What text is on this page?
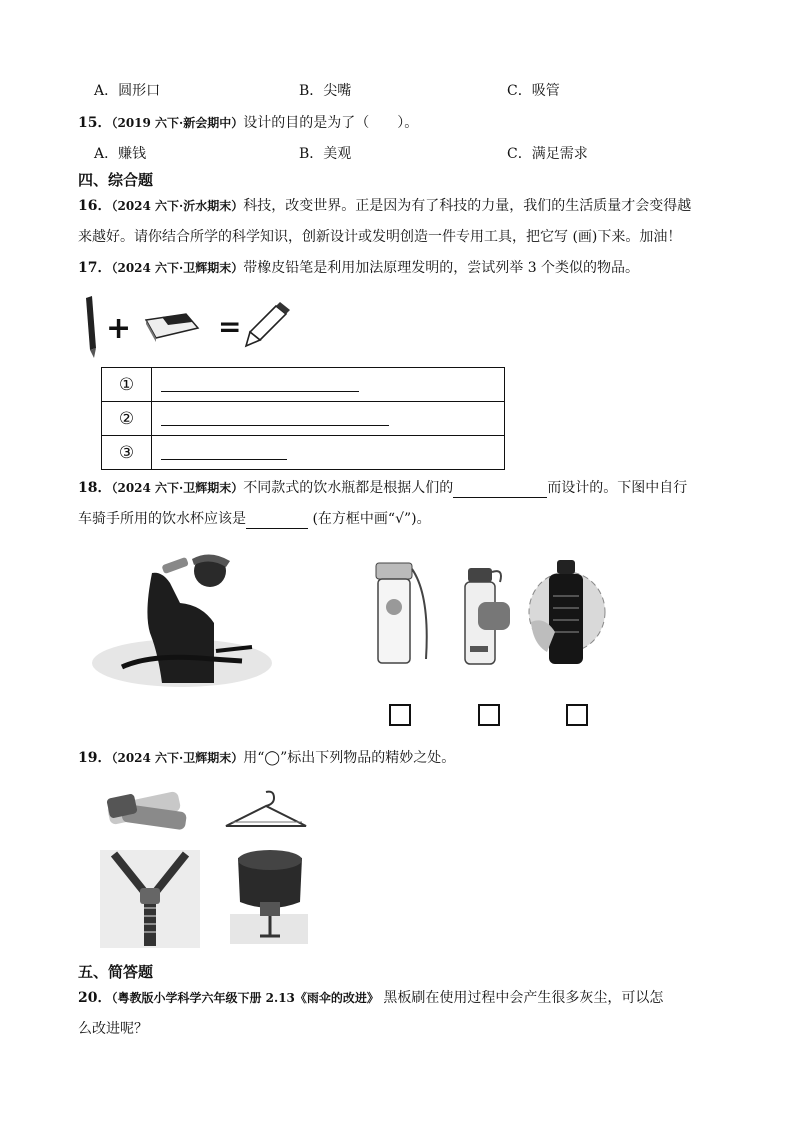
A．圆形口	B．尖嘴	C．吸管
15．（2019 六下·新会期中）设计的目的是为了（　　）。
A．赚钱	B．美观	C．满足需求
四、综合题
16．（2024 六下·沂水期末）科技，改变世界。正是因为有了科技的力量，我们的生活质量才会变得越
来越好。请你结合所学的科学知识，创新设计或发明创造一件专用工具，把它写 (画)下来。加油！
17．（2024 六下·卫辉期末）带橡皮铅笔是利用加法原理发明的，尝试列举 3 个类似的物品。
+	=
①	

②	

③	
18．（2024 六下·卫辉期末）不同款式的饮水瓶都是根据人们的	而设计的。下图中自行
车骑手所用的饮水杯应该是	(在方框中画“√”)。
19．（2024 六下·卫辉期末）用“◯”标出下列物品的精妙之处。
五、简答题
20．（粤教版小学科学六年级下册 2.13《雨伞的改进》 黑板刷在使用过程中会产生很多灰尘，可以怎
么改进呢？
